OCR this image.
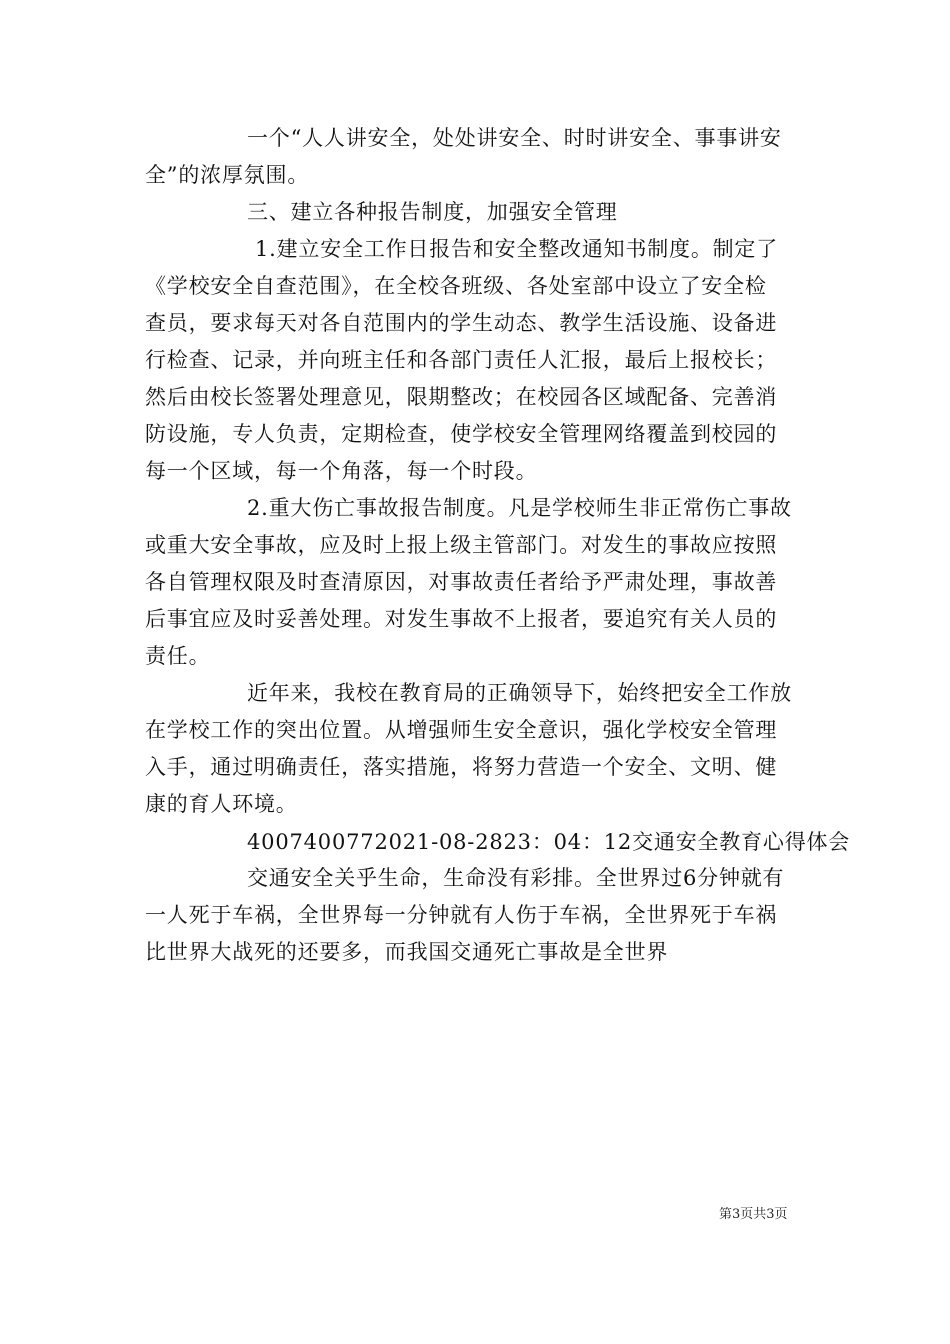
一个“人人讲安全，处处讲安全、时时讲安全、事事讲安
全”的浓厚氛围。
三、建立各种报告制度，加强安全管理
1.建立安全工作日报告和安全整改通知书制度。制定了
《学校安全自查范围》，在全校各班级、各处室部中设立了安全检
查员，要求每天对各自范围内的学生动态、教学生活设施、设备进
行检查、记录，并向班主任和各部门责任人汇报，最后上报校长；
然后由校长签署处理意见，限期整改；在校园各区域配备、完善消
防设施，专人负责，定期检查，使学校安全管理网络覆盖到校园的
每一个区域，每一个角落，每一个时段。
2.重大伤亡事故报告制度。凡是学校师生非正常伤亡事故
或重大安全事故，应及时上报上级主管部门。对发生的事故应按照
各自管理权限及时查清原因，对事故责任者给予严肃处理，事故善
后事宜应及时妥善处理。对发生事故不上报者，要追究有关人员的
责任。
近年来，我校在教育局的正确领导下，始终把安全工作放
在学校工作的突出位置。从增强师生安全意识，强化学校安全管理
入手，通过明确责任，落实措施，将努力营造一个安全、文明、健
康的育人环境。
4007400772021-08-2823：04：12交通安全教育心得体会
交通安全关乎生命，生命没有彩排。全世界过6分钟就有
一人死于车祸，全世界每一分钟就有人伤于车祸，全世界死于车祸
比世界大战死的还要多，而我国交通死亡事故是全世界
第3页共3页
